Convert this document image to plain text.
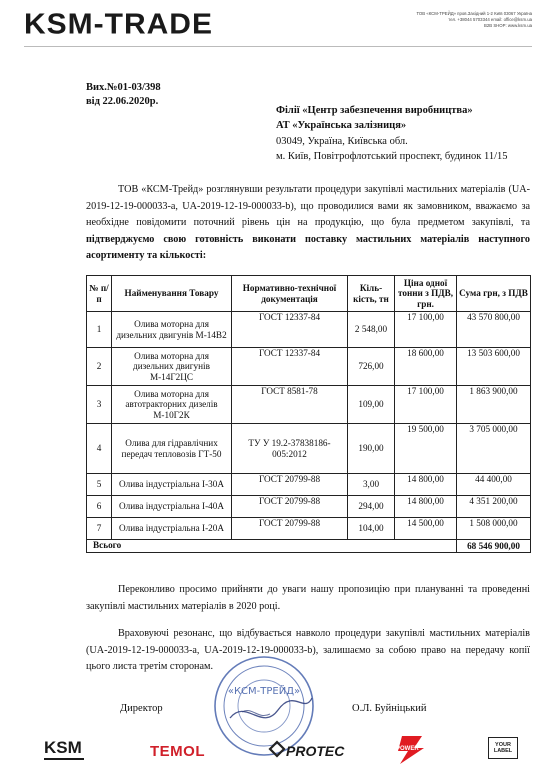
KSM-TRADE	ТОВ «КСМ-ТРЕЙД» пров.Західний 1-2 Київ 03067 Україна
тел. +38044 5703344 email: office@ksm.ua
B2B SHOP: www.ksm.ua
Вих.№01-03/398
від 22.06.2020р.
Філії «Центр забезпечення виробництва»
АТ «Українська залізниця»
03049, Україна, Київська обл.
м. Київ, Повітрофлотський проспект, будинок 11/15
ТОВ «КСМ-Трейд» розглянувши результати процедури закупівлі мастильних матеріалів (UA-2019-12-19-000033-a, UA-2019-12-19-000033-b), що проводилися вами як замовником, вважаємо за необхідне повідомити поточний рівень цін на продукцію, що була предметом закупівлі, та підтверджуємо свою готовність виконати поставку мастильних матеріалів наступного асортименту та кількості:
№ п/п	Найменування Товару	Нормативно-технічної документація	Кіль-кість, тн	Ціна одної тонни з ПДВ, грн.	Сума грн, з ПДВ
1	Олива моторна для дизельних двигунів М-14В2	ГОСТ 12337-84	2 548,00	17 100,00	43 570 800,00
2	Олива моторна для дизельних двигунів М-14Г2ЦС	ГОСТ 12337-84	726,00	18 600,00	13 503 600,00
3	Олива моторна для автотракторних дизелів М-10Г2К	ГОСТ 8581-78	109,00	17 100,00	1 863 900,00
4	Олива для гідравлічних передач тепловозів ГТ-50	ТУ У 19.2-37838186-005:2012	190,00	19 500,00	3 705 000,00
5	Олива індустріальна І-30А	ГОСТ 20799-88	3,00	14 800,00	44 400,00
6	Олива індустріальна І-40А	ГОСТ 20799-88	294,00	14 800,00	4 351 200,00
7	Олива індустріальна І-20А	ГОСТ 20799-88	104,00	14 500,00	1 508 000,00
Всього					68 546 900,00
Переконливо просимо прийняти до уваги нашу пропозицію при плануванні та проведенні закупівлі мастильних матеріалів в 2020 році.
Враховуючі резонанс, що відбувається навколо процедури закупівлі мастильних матеріалів (UA-2019-12-19-000033-a, UA-2019-12-19-000033-b), залишаємо за собою право на передачу копії цього листа третім сторонам.
Директор	О.Л. Буйніцький
«КСМ-ТРЕЙД»
KSM	TEMOL	PROTEC	POWER
YOUR LABEL
